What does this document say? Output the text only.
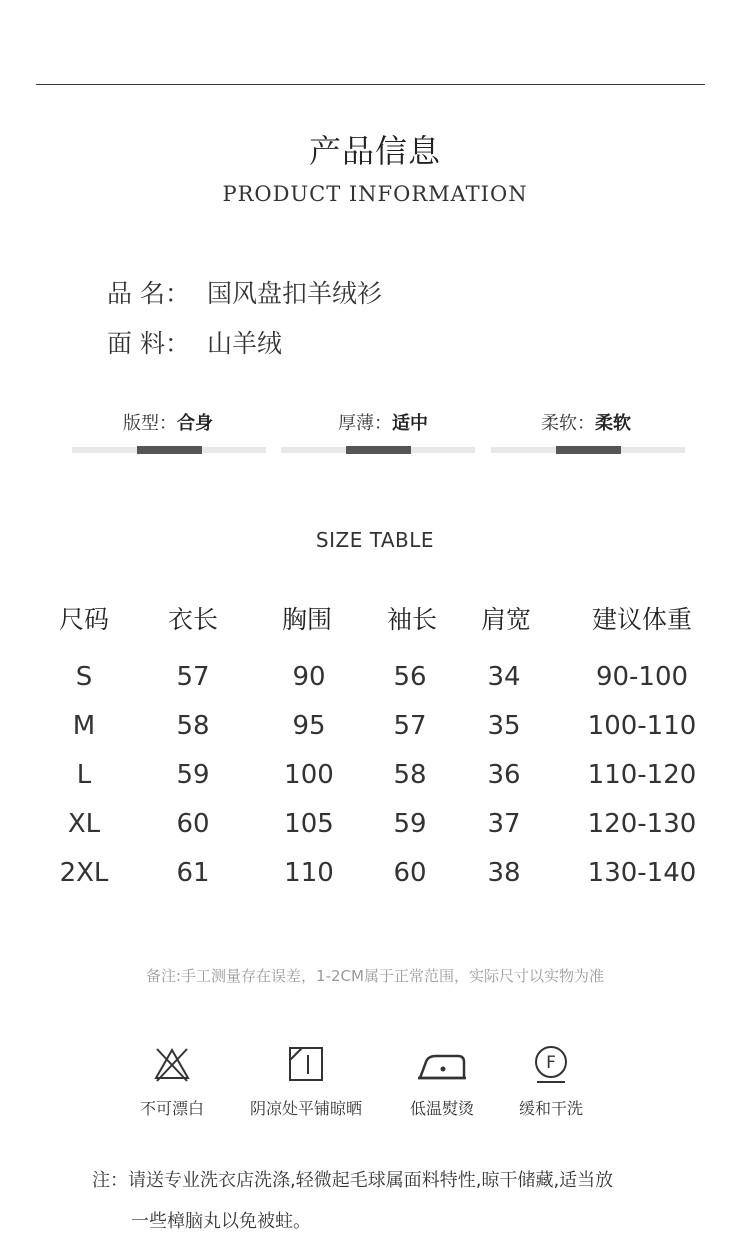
产品信息
PRODUCT INFORMATION
品 名： 国风盘扣羊绒衫
面 料： 山羊绒
版型：合身	厚薄：适中	柔软：柔软
SIZE TABLE
尺码	衣长	胸围	袖长	肩宽	建议体重
S	57	90	56	34	90-100
M	58	95	57	35	100-110
L	59	100	58	36	110-120
XL	60	105	59	37	120-130
2XL	61	110	60	38	130-140
备注:手工测量存在误差，1-2CM属于正常范围，实际尺寸以实物为准
不可漂白	阴凉处平铺晾晒	低温熨烫
F
缓和干洗
注：请送专业洗衣店洗涤,轻微起毛球属面料特性,晾干储藏,适当放
一些樟脑丸以免被蛀。
